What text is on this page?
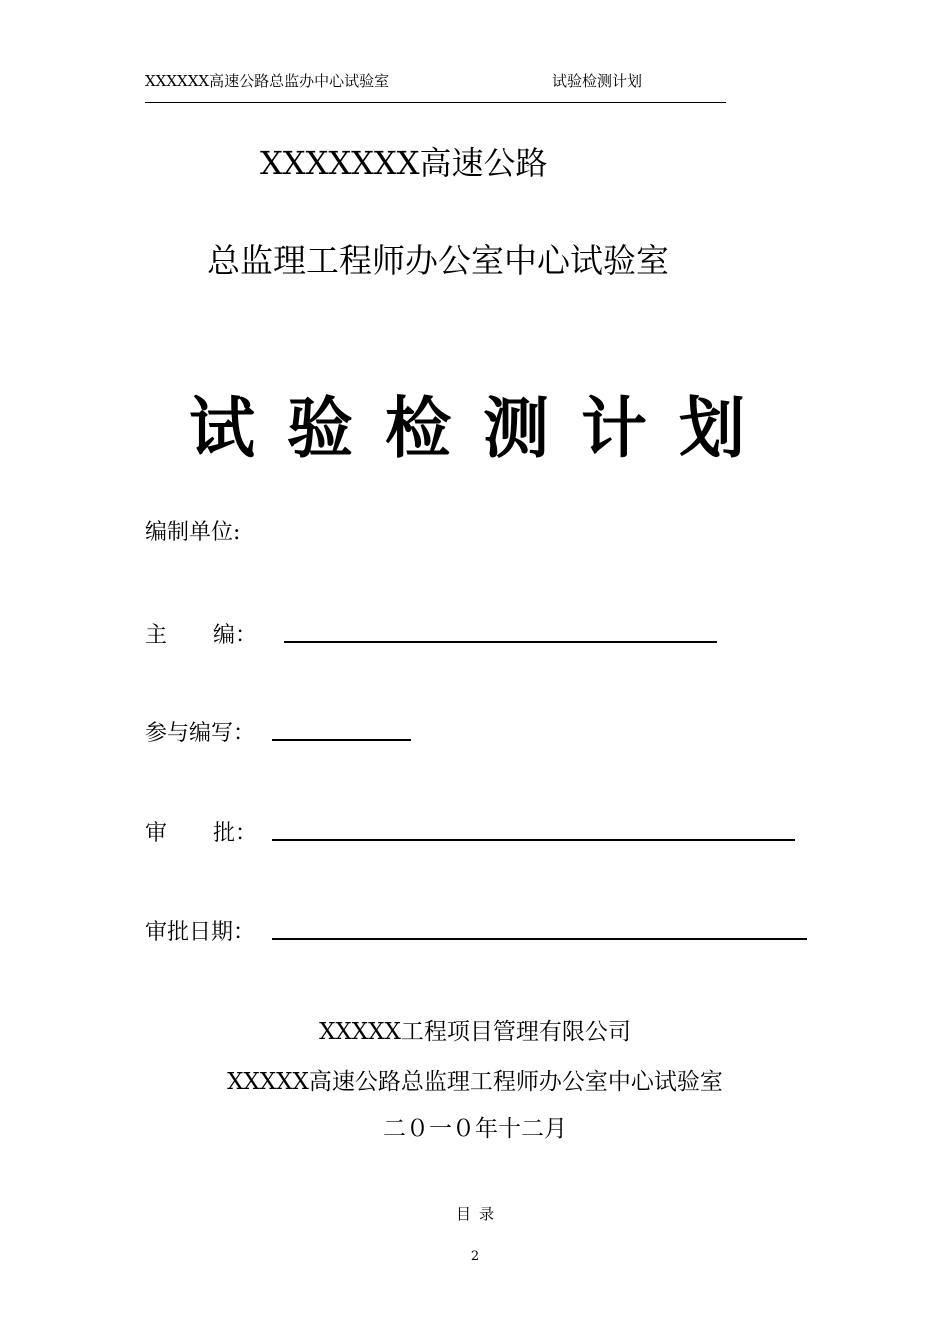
XXXXXX高速公路总监办中心试验室	试验检测计划
XXXXXXX高速公路
总监理工程师办公室中心试验室
试验检测计划
编制单位:
主 编：
参与编写：
审 批：
审批日期：
XXXXX工程项目管理有限公司
XXXXX高速公路总监理工程师办公室中心试验室
二０一０年十二月
目录
2
